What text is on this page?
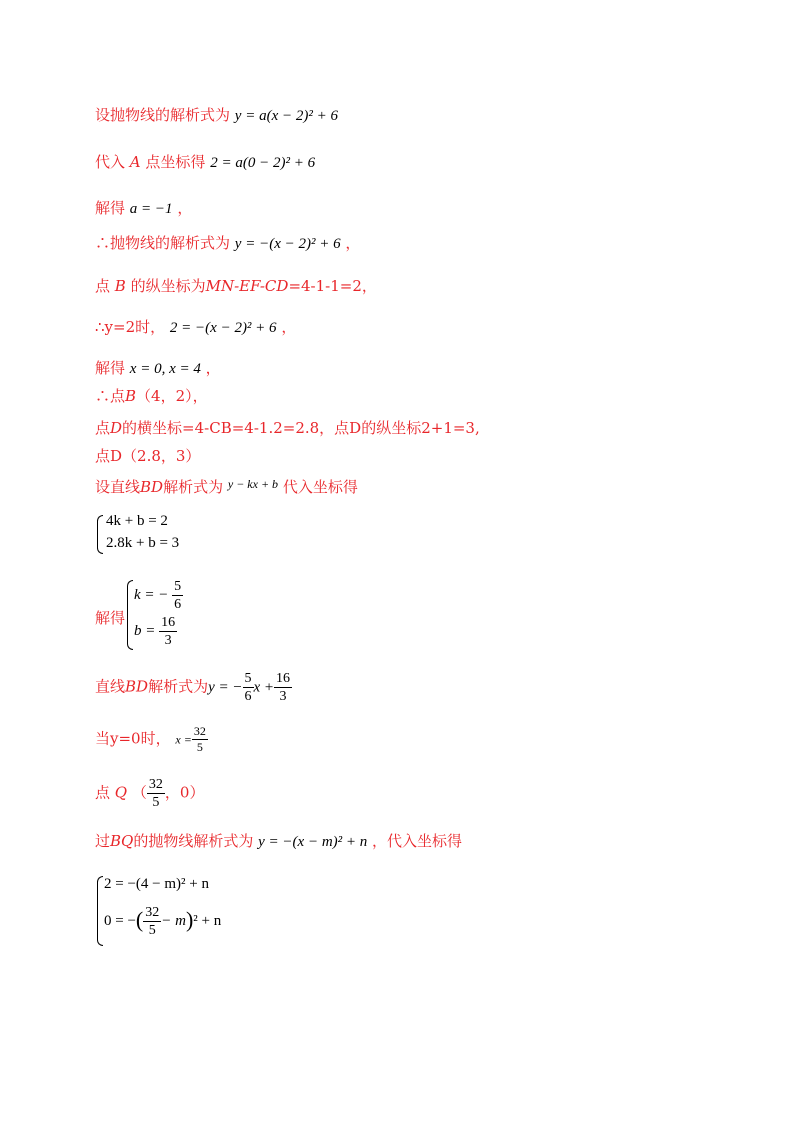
设抛物线的解析式为 y = a(x − 2)² + 6
代入 A 点坐标得 2 = a(0 − 2)² + 6
解得 a = −1 ，
∴抛物线的解析式为 y = −(x − 2)² + 6 ，
点 B 的纵坐标为MN-EF-CD=4-1-1=2，
∴y=2时， 2 = −(x − 2)² + 6 ，
解得 x = 0, x = 4 ，
∴点B（4，2），
点D的横坐标=4-CB=4-1.2=2.8，点D的纵坐标2+1=3,
点D（2.8，3）
设直线BD解析式为 $^{y - kx + b}$ 代入坐标得
4k + b = 2
2.8k + b = 3
解得
k = − $\frac{5}{6}$
$b = \frac{16}{3}$
直线BD解析式为y = − $\frac{5}{6}$ $x + \frac{16}{3}$
当y=0时， $x = \frac{32}{5}$
点 Q （ $\frac{32}{5}$ ，0）
过BQ的抛物线解析式为 y = −(x − m)² + n ，代入坐标得
2 = −(4 − m)² + n
0 = −( $\frac{32}{5} - m)^2 + n$
